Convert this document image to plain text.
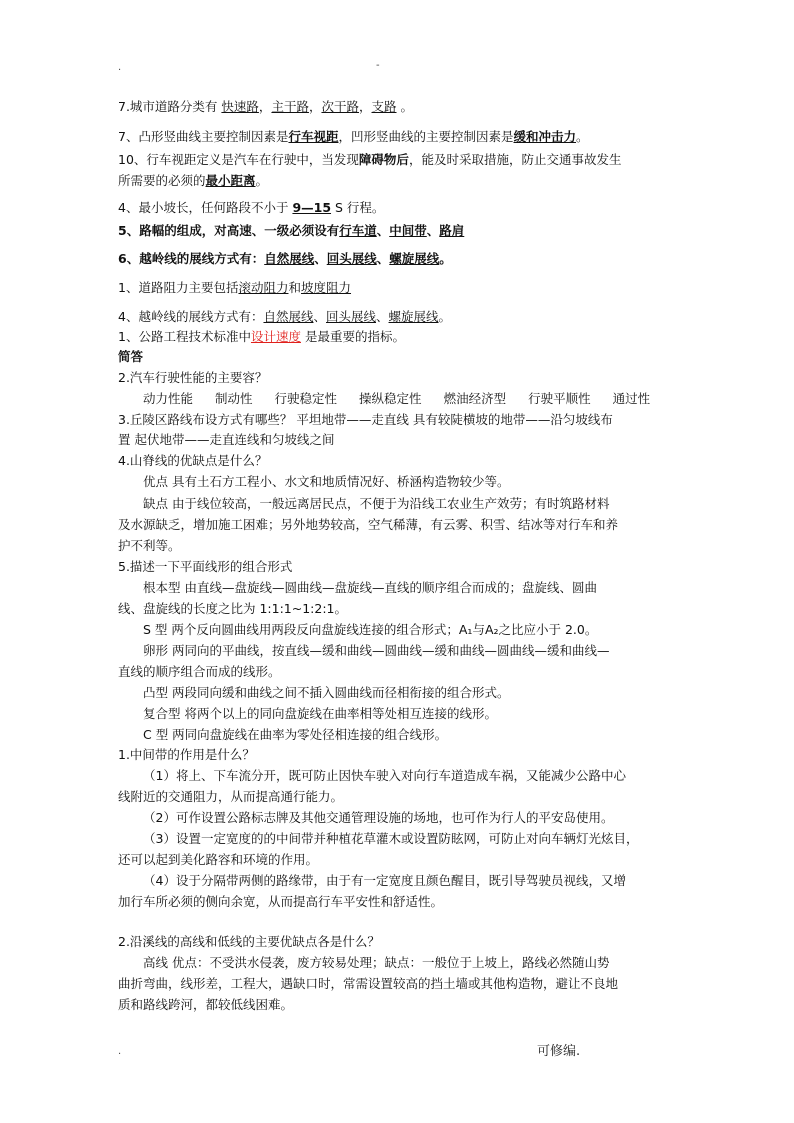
.	-
7.城市道路分类有 快速路，主干路，次干路，支路 。
7、凸形竖曲线主要控制因素是行车视距，凹形竖曲线的主要控制因素是缓和冲击力。
10、行车视距定义是汽车在行驶中，当发现障碍物后，能及时采取措施，防止交通事故发生
所需要的必须的最小距离。
4、最小坡长，任何路段不小于 9—15 S 行程。
5、路幅的组成，对高速、一级必须设有行车道、中间带、路肩
6、越岭线的展线方式有：自然展线、回头展线、螺旋展线。
1、道路阻力主要包括滚动阻力和坡度阻力
4、越岭线的展线方式有：自然展线、回头展线、螺旋展线。
1、公路工程技术标准中设计速度 是最重要的指标。
简答
2.汽车行驶性能的主要容？
动力性能 制动性 行驶稳定性 操纵稳定性 燃油经济型 行驶平顺性 通过性
3.丘陵区路线布设方式有哪些？ 平坦地带——走直线 具有较陡横坡的地带——沿匀坡线布
置 起伏地带——走直连线和匀坡线之间
4.山脊线的优缺点是什么？
优点 具有土石方工程小、水文和地质情况好、桥涵构造物较少等。
缺点 由于线位较高，一般远离居民点，不便于为沿线工农业生产效劳；有时筑路材料
及水源缺乏，增加施工困难；另外地势较高，空气稀薄，有云雾、积雪、结冰等对行车和养
护不利等。
5.描述一下平面线形的组合形式
根本型 由直线—盘旋线—圆曲线—盘旋线—直线的顺序组合而成的；盘旋线、圆曲
线、盘旋线的长度之比为 1:1:1~1:2:1。
S 型 两个反向圆曲线用两段反向盘旋线连接的组合形式；A₁与A₂之比应小于 2.0。
卵形 两同向的平曲线，按直线—缓和曲线—圆曲线—缓和曲线—圆曲线—缓和曲线—
直线的顺序组合而成的线形。
凸型 两段同向缓和曲线之间不插入圆曲线而径相衔接的组合形式。
复合型 将两个以上的同向盘旋线在曲率相等处相互连接的线形。
C 型 两同向盘旋线在曲率为零处径相连接的组合线形。
1.中间带的作用是什么？
（1）将上、下车流分开，既可防止因快车驶入对向行车道造成车祸，又能减少公路中心
线附近的交通阻力，从而提高通行能力。
（2）可作设置公路标志牌及其他交通管理设施的场地，也可作为行人的平安岛使用。
（3）设置一定宽度的的中间带并种植花草灌木或设置防眩网，可防止对向车辆灯光炫目，
还可以起到美化路容和环境的作用。
（4）设于分隔带两侧的路缘带，由于有一定宽度且颜色醒目，既引导驾驶员视线，又增
加行车所必须的侧向余宽，从而提高行车平安性和舒适性。
2.沿溪线的高线和低线的主要优缺点各是什么？
高线 优点：不受洪水侵袭，废方较易处理；缺点：一般位于上坡上，路线必然随山势
曲折弯曲，线形差，工程大，遇缺口时，常需设置较高的挡土墙或其他构造物，避让不良地
质和路线跨河，都较低线困难。
.	可修编.
